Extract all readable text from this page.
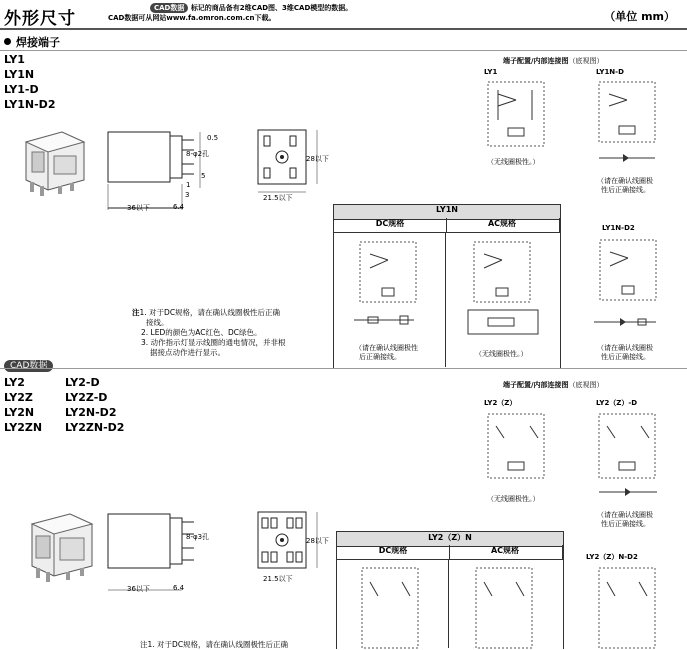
外形尺寸
CAD数据 标记的商品备有2维CAD图、3维CAD模型的数据。
CAD数据可从网站www.fa.omron.com.cn下载。	（单位 mm）
焊接端子
LY1
LY1N
LY1-D
LY1N-D2
0.5
8-φ2孔
5
1
3
36以下	6.4
28以下
21.5以下
注1. 对于DC规格，请在确认线圈极性后正确
接线。
2. LED的颜色为AC红色、DC绿色。
3. 动作指示灯显示线圈的通电情况，并非根
据接点动作进行显示。
端子配置/内部连接图（底视图）
LY1	LY1N-D
（无线圈极性。）
（请在确认线圈极
性后正确接线。
LY1N
DC规格	AC规格
（请在确认线圈极性
后正确接线。	（无线圈极性。）
LY1N-D2
（请在确认线圈极
性后正确接线。
CAD数据
LY2
LY2Z
LY2N
LY2ZN
LY2-D
LY2Z-D
LY2N-D2
LY2ZN-D2
8-φ3孔
36以下	6.4
28以下
21.5以下
端子配置/内部连接图（底视图）
LY2（Z）	LY2（Z）-D
（无线圈极性。）
（请在确认线圈极
性后正确接线。
LY2（Z）N
DC规格	AC规格
LY2（Z）N-D2
注1. 对于DC规格，请在确认线圈极性后正确
